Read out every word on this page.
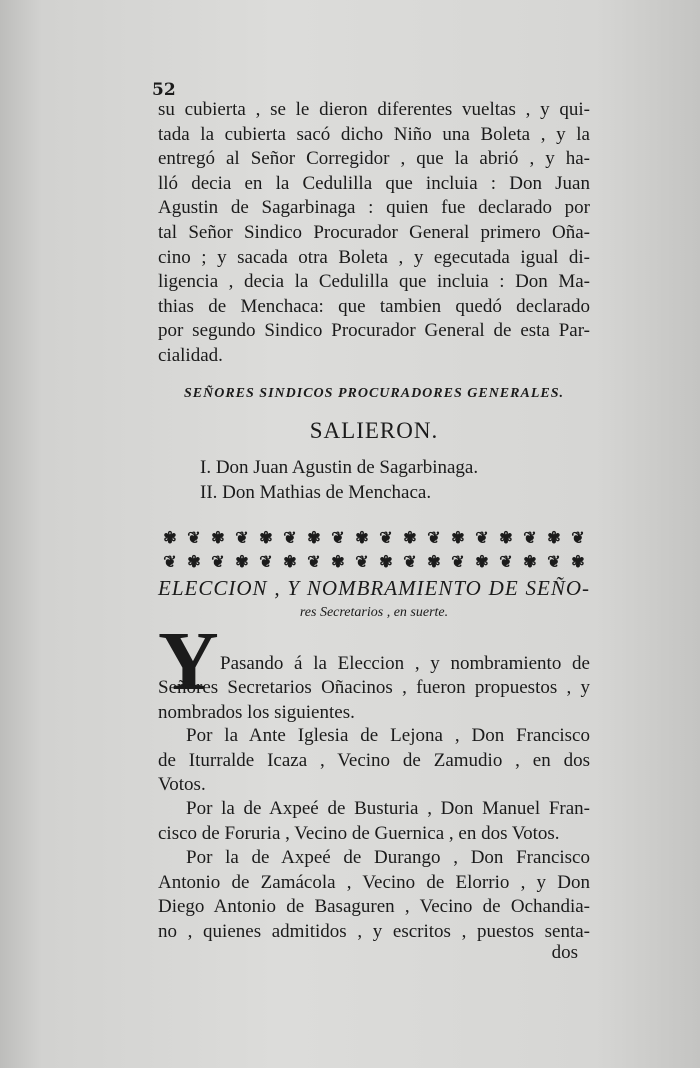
52

su cubierta , se le dieron diferentes vueltas , y qui-
tada la cubierta sacó dicho Niño una Boleta , y la
entregó al Señor Corregidor , que la abrió , y ha-
lló decia en la Cedulilla que incluia : Don Juan
Agustin de Sagarbinaga : quien fue declarado por
tal Señor Sindico Procurador General primero Oña-
cino ; y sacada otra Boleta , y egecutada igual di-
ligencia , decia la Cedulilla que incluia : Don Ma-
thias de Menchaca: que tambien quedó declarado
por segundo Sindico Procurador General de esta Par-
cialidad.

SEÑORES SINDICOS PROCURADORES GENERALES.
SALIERON.
I. Don Juan Agustin de Sagarbinaga.
II. Don Mathias de Menchaca.
✾ ❦ ✾ ❦ ✾ ❦ ✾ ❦ ✾ ❦ ✾ ❦ ✾ ❦ ✾ ❦ ✾ ❦
❦ ✾ ❦ ✾ ❦ ✾ ❦ ✾ ❦ ✾ ❦ ✾ ❦ ✾ ❦ ✾ ❦ ✾
ELECCION , Y NOMBRAMIENTO DE SEÑO-
res Secretarios , en suerte.
Y Pasando á la Eleccion , y nombramiento de

Señores Secretarios Oñacinos , fueron propuestos , y
nombrados los siguientes.

Por la Ante Iglesia de Lejona , Don Francisco
de Iturralde Icaza , Vecino de Zamudio , en dos
Votos.

Por la de Axpeé de Busturia , Don Manuel Fran-
cisco de Foruria , Vecino de Guernica , en dos Votos.

Por la de Axpeé de Durango , Don Francisco
Antonio de Zamácola , Vecino de Elorrio , y Don
Diego Antonio de Basaguren , Vecino de Ochandia-
no , quienes admitidos , y escritos , puestos senta-

dos
